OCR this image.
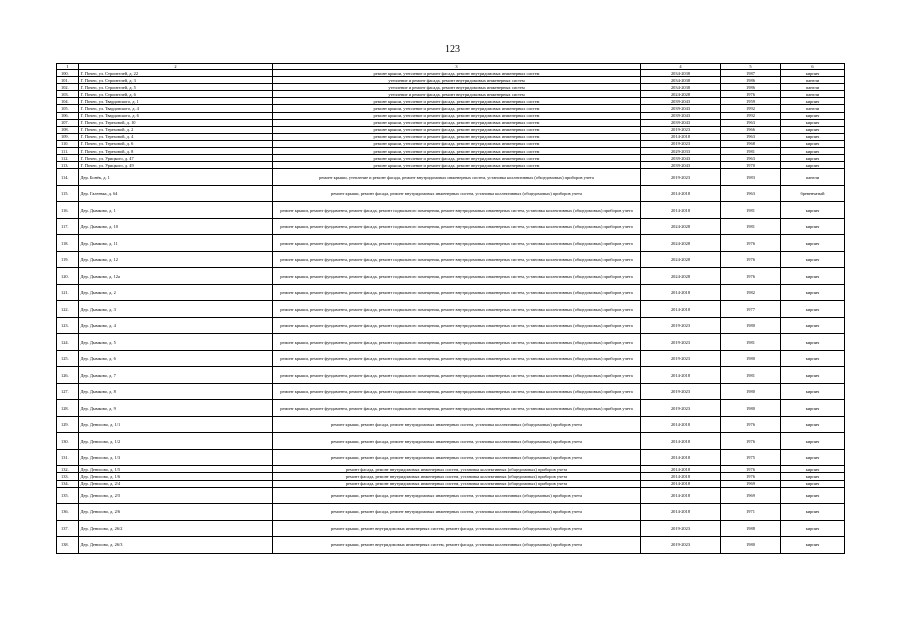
123
1	2	3	4	5	6
100.	Г. Почеп, ул. Строителей, д. 22	ремонт крыши, утепление и ремонт фасада, ремонт внутридомовых инженерных систем	2034-2038	1987	кирпич
101.	Г. Почеп, ул. Строителей, д. 3	утепление и ремонт фасада, ремонт внутридомовых инженерных систем	2034-2038	1986	панели
102.	Г. Почеп, ул. Строителей, д. 5	утепление и ремонт фасада, ремонт внутридомовых инженерных систем	2034-2038	1986	панели
103.	Г. Почеп, ул. Строителей, д. 6	утепление и ремонт фасада, ремонт внутридомовых инженерных систем	2024-2028	1976	панели
104.	Г. Почеп, ул. Твардовского, д. 1	ремонт крыши, утепление и ремонт фасада, ремонт внутридомовых инженерных систем	2039-2043	1959	кирпич
105.	Г. Почеп, ул. Твардовского, д. 4	ремонт крыши, утепление и ремонт фасада, ремонт внутридомовых инженерных систем	2039-2043	1992	панели
106.	Г. Почеп, ул. Твардовского, д. 6	ремонт крыши, утепление и ремонт фасада, ремонт внутридомовых инженерных систем	2039-2043	1992	кирпич
107.	Г. Почеп, ул. Тереховой, д. 10	ремонт крыши, утепление и ремонт фасада, ремонт внутридомовых инженерных систем	2039-2043	1963	кирпич
108.	Г. Почеп, ул. Тереховой, д. 2	ремонт крыши, утепление и ремонт фасада, ремонт внутридомовых инженерных систем	2019-2023	1966	кирпич
109.	Г. Почеп, ул. Тереховой, д. 4	ремонт крыши, утепление и ремонт фасада, ремонт внутридомовых инженерных систем	2014-2018	1963	кирпич
110.	Г. Почеп, ул. Тереховой, д. 6	ремонт крыши, утепление и ремонт фасада, ремонт внутридомовых инженерных систем	2019-2023	1968	кирпич
111.	Г. Почеп, ул. Тереховой, д. 8	ремонт крыши, утепление и ремонт фасада, ремонт внутридомовых инженерных систем	2029-2033	1981	кирпич
112.	Г. Почеп, ул. Урицкого, д. 47	ремонт крыши, утепление и ремонт фасада, ремонт внутридомовых инженерных систем	2039-2043	1963	кирпич
113.	Г. Почеп, ул. Урицкого, д. 49	ремонт крыши, утепление и ремонт фасада, ремонт внутридомовых инженерных систем	2039-2043	1970	кирпич
114.	Дер. Бонёк, д. 1	ремонт крыши, утепление и ремонт фасада, ремонт внутридомовых инженерных систем, установка коллективных (общедомовых) приборов учета	2019-2023	1983	панели
115.	Дер. Галеевка, д. 64	ремонт крыши, ремонт фасада, ремонт внутридомовых инженерных систем, установка коллективных (общедомовых) приборов учета	2014-2018	1963	бревенчатый
116.	Дер. Дымково, д. 1	ремонт крыши, ремонт фундамента, ремонт фасада, ремонт подвального помещения, ремонт внутридомовых инженерных систем, установка коллективных (общедомовых) приборов учета	2014-2018	1981	кирпич
117.	Дер. Дымково, д. 10	ремонт крыши, ремонт фундамента, ремонт фасада, ремонт подвального помещения, ремонт внутридомовых инженерных систем, установка коллективных (общедомовых) приборов учета	2024-2028	1981	кирпич
118.	Дер. Дымково, д. 11	ремонт крыши, ремонт фундамента, ремонт фасада, ремонт подвального помещения, ремонт внутридомовых инженерных систем, установка коллективных (общедомовых) приборов учета	2024-2028	1976	кирпич
119.	Дер. Дымково, д. 12	ремонт крыши, ремонт фундамента, ремонт фасада, ремонт подвального помещения, ремонт внутридомовых инженерных систем, установка коллективных (общедомовых) приборов учета	2024-2028	1976	кирпич
120.	Дер. Дымково, д. 12а	ремонт крыши, ремонт фундамента, ремонт фасада, ремонт подвального помещения, ремонт внутридомовых инженерных систем, установка коллективных (общедомовых) приборов учета	2024-2028	1976	кирпич
121.	Дер. Дымково, д. 2	ремонт крыши, ремонт фундамента, ремонт фасада, ремонт подвального помещения, ремонт внутридомовых инженерных систем, установка коллективных (общедомовых) приборов учета	2014-2018	1982	кирпич
122.	Дер. Дымково, д. 3	ремонт крыши, ремонт фундамента, ремонт фасада, ремонт подвального помещения, ремонт внутридомовых инженерных систем, установка коллективных (общедомовых) приборов учета	2014-2018	1977	кирпич
123.	Дер. Дымково, д. 4	ремонт крыши, ремонт фундамента, ремонт фасада, ремонт подвального помещения, ремонт внутридомовых инженерных систем, установка коллективных (общедомовых) приборов учета	2019-2023	1980	кирпич
124.	Дер. Дымково, д. 5	ремонт крыши, ремонт фундамента, ремонт фасада, ремонт подвального помещения, ремонт внутридомовых инженерных систем, установка коллективных (общедомовых) приборов учета	2019-2023	1981	кирпич
125.	Дер. Дымково, д. 6	ремонт крыши, ремонт фундамента, ремонт фасада, ремонт подвального помещения, ремонт внутридомовых инженерных систем, установка коллективных (общедомовых) приборов учета	2019-2023	1980	кирпич
126.	Дер. Дымково, д. 7	ремонт крыши, ремонт фундамента, ремонт фасада, ремонт подвального помещения, ремонт внутридомовых инженерных систем, установка коллективных (общедомовых) приборов учета	2014-2018	1981	кирпич
127.	Дер. Дымково, д. 8	ремонт крыши, ремонт фундамента, ремонт фасада, ремонт подвального помещения, ремонт внутридомовых инженерных систем, установка коллективных (общедомовых) приборов учета	2019-2023	1980	кирпич
128.	Дер. Дымково, д. 9	ремонт крыши, ремонт фундамента, ремонт фасада, ремонт подвального помещения, ремонт внутридомовых инженерных систем, установка коллективных (общедомовых) приборов учета	2019-2023	1980	кирпич
129.	Дер. Денисово, д. 1/1	ремонт крыши, ремонт фасада, ремонт внутридомовых инженерных систем, установка коллективных (общедомовых) приборов учета	2014-2018	1976	кирпич
130.	Дер. Денисово, д. 1/2	ремонт крыши, ремонт фасада, ремонт внутридомовых инженерных систем, установка коллективных (общедомовых) приборов учета	2014-2018	1976	кирпич
131.	Дер. Денисово, д. 1/3	ремонт крыши, ремонт фасада, ремонт внутридомовых инженерных систем, установка коллективных (общедомовых) приборов учета	2014-2018	1975	кирпич
132.	Дер. Денисово, д. 1/5	ремонт фасада, ремонт внутридомовых инженерных систем, установка коллективных (общедомовых) приборов учета	2014-2018	1976	кирпич
133.	Дер. Денисово, д. 1/6	ремонт фасада, ремонт внутридомовых инженерных систем, установка коллективных (общедомовых) приборов учета	2014-2018	1976	кирпич
134.	Дер. Денисово, д. 2/4	ремонт фасада, ремонт внутридомовых инженерных систем, установка коллективных (общедомовых) приборов учета	2014-2018	1969	кирпич
135.	Дер. Денисово, д. 2/5	ремонт крыши, ремонт фасада, ремонт внутридомовых инженерных систем, установка коллективных (общедомовых) приборов учета	2014-2018	1969	кирпич
136.	Дер. Денисово, д. 2/6	ремонт крыши, ремонт фасада, ремонт внутридомовых инженерных систем, установка коллективных (общедомовых) приборов учета	2014-2018	1971	кирпич
137.	Дер. Денисово, д. 26/2	ремонт крыши, ремонт внутридомовых инженерных систем, ремонт фасада, установка коллективных (общедомовых) приборов учета	2019-2023	1988	кирпич
138.	Дер. Денисово, д. 26/3	ремонт крыши, ремонт внутридомовых инженерных систем, ремонт фасада, установка коллективных (общедомовых) приборов учета	2019-2023	1980	кирпич
